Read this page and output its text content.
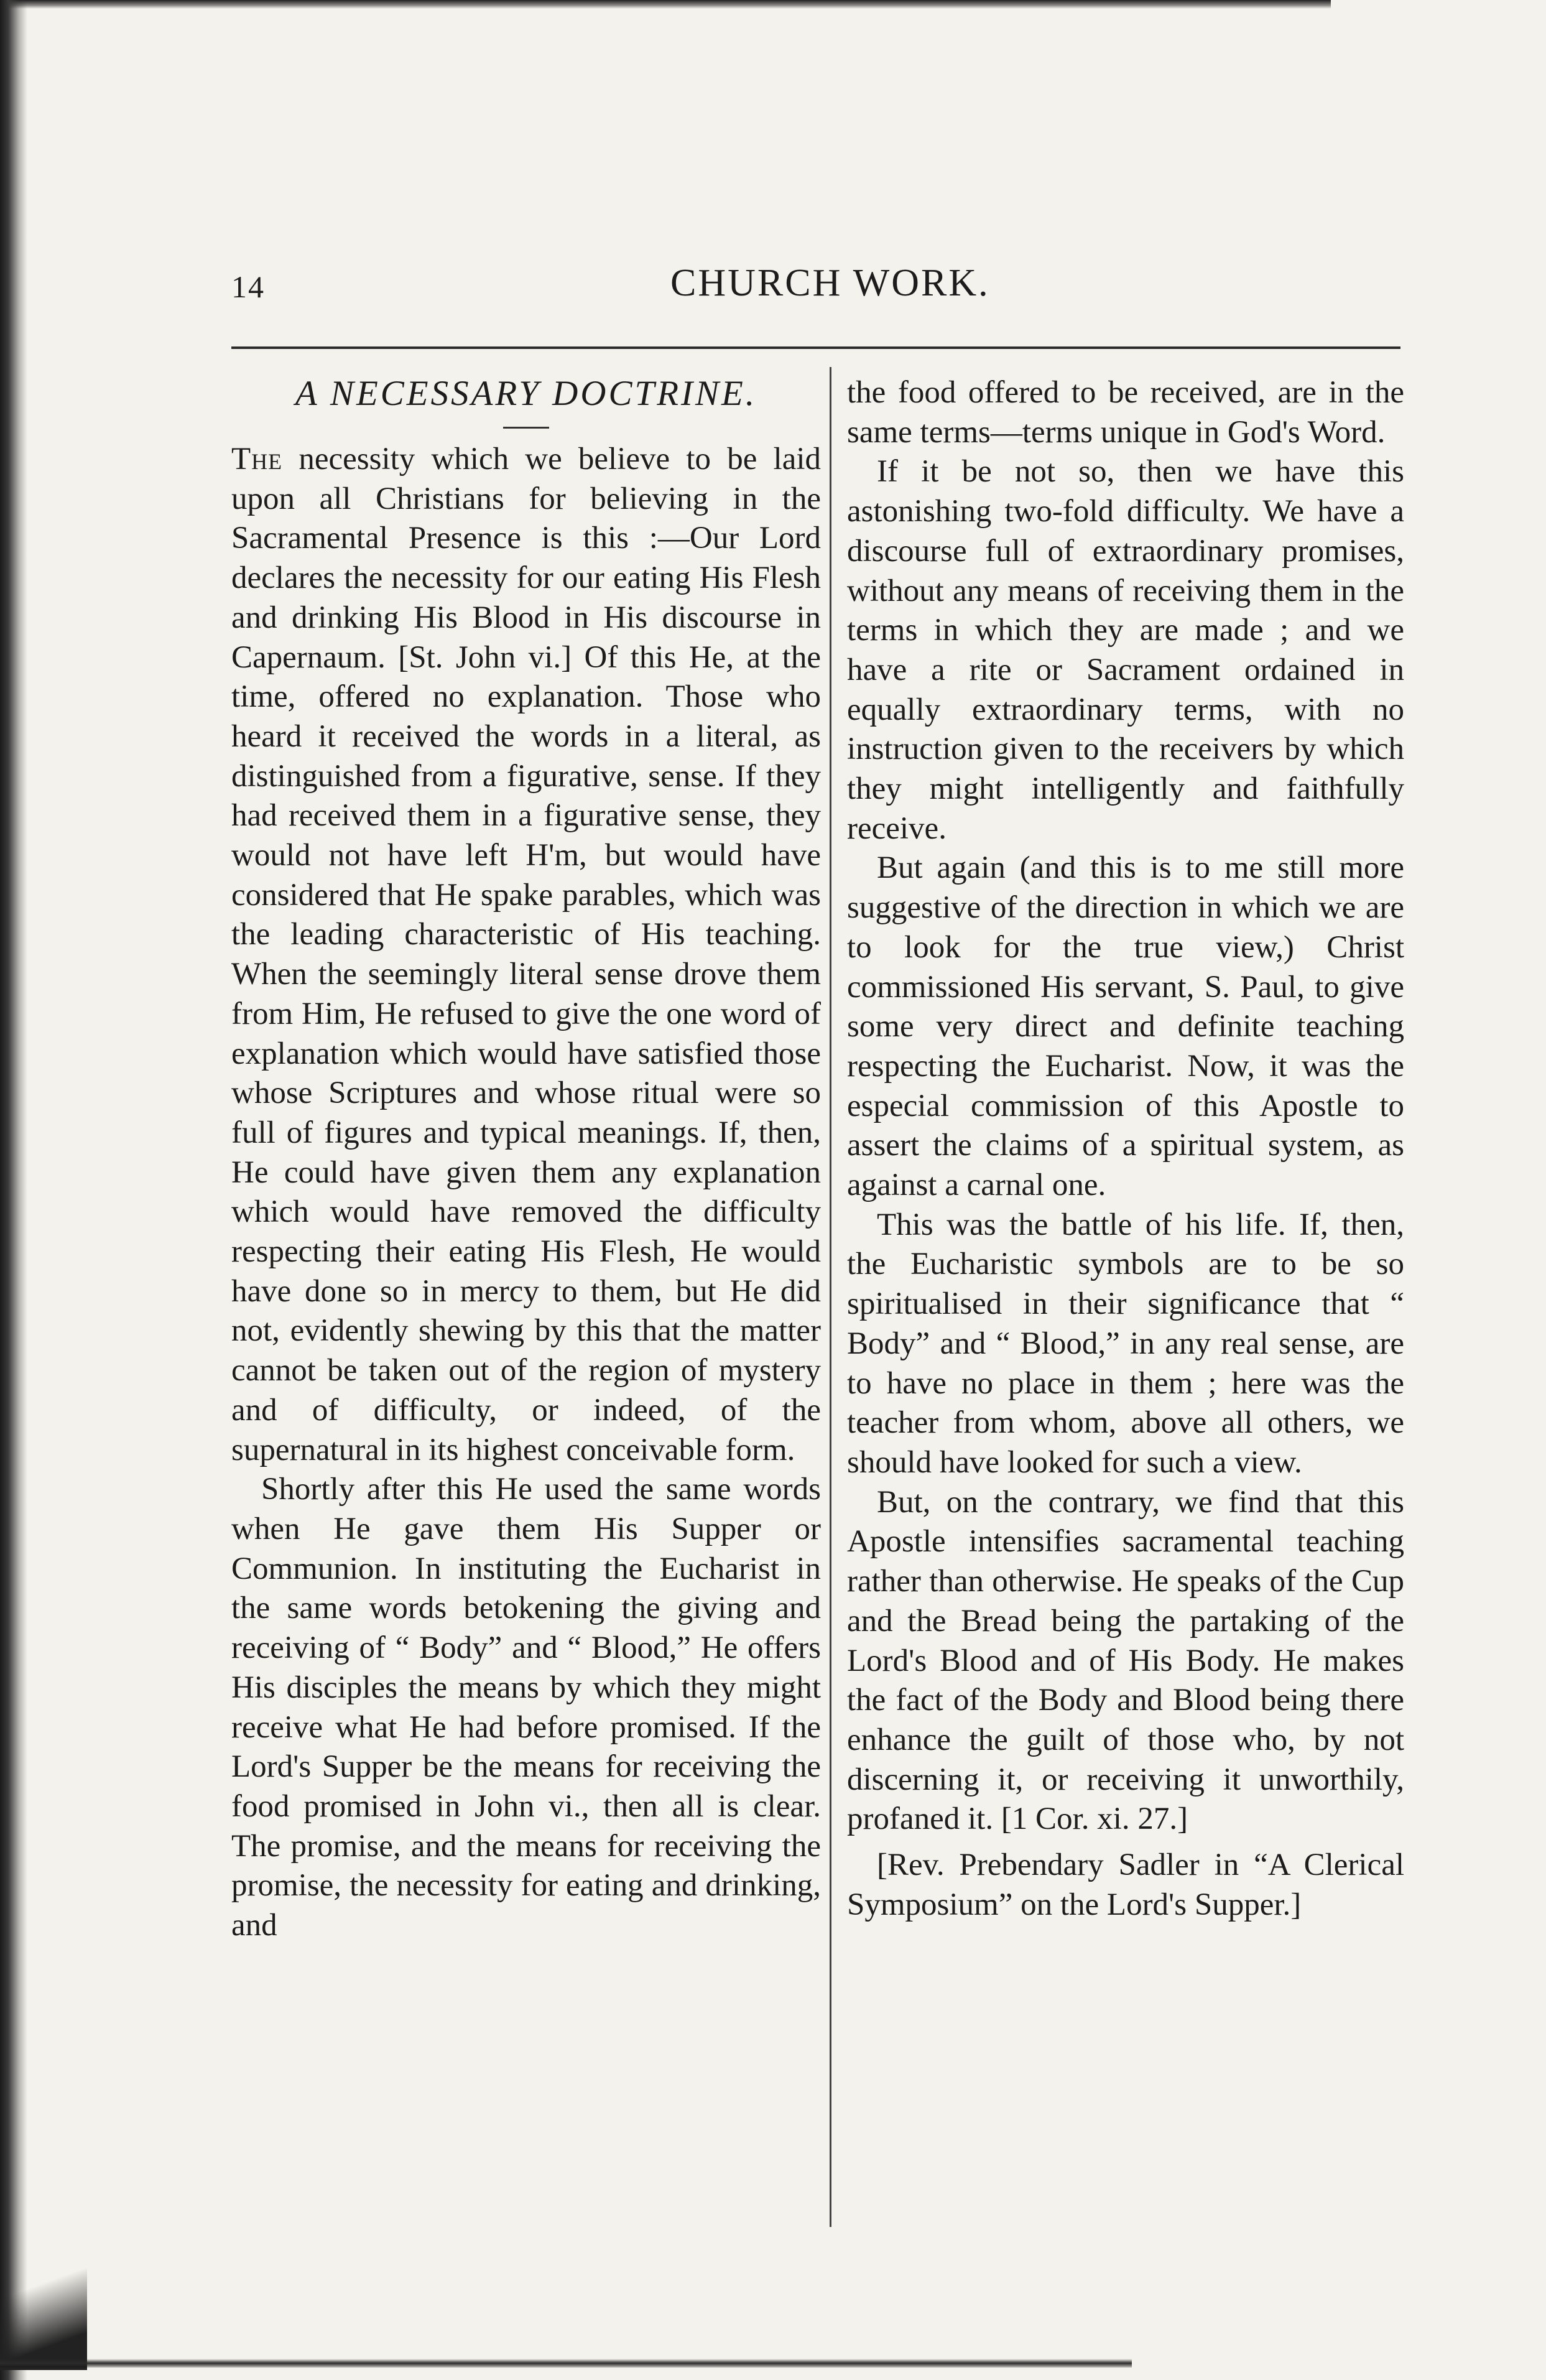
14	CHURCH WORK.
A NECESSARY DOCTRINE.

The necessity which we believe to be laid upon all Christians for believing in the Sacramental Presence is this :—Our Lord declares the necessity for our eating His Flesh and drinking His Blood in His discourse in Capernaum. [St. John vi.] Of this He, at the time, offered no explanation. Those who heard it received the words in a literal, as distinguished from a figurative, sense. If they had received them in a figurative sense, they would not have left H'm, but would have considered that He spake parables, which was the leading characteristic of His teaching. When the seemingly literal sense drove them from Him, He refused to give the one word of explanation which would have satisfied those whose Scriptures and whose ritual were so full of figures and typical meanings. If, then, He could have given them any explanation which would have removed the difficulty respecting their eating His Flesh, He would have done so in mercy to them, but He did not, evidently shewing by this that the matter cannot be taken out of the region of mystery and of difficulty, or indeed, of the supernatural in its highest conceivable form.

Shortly after this He used the same words when He gave them His Supper or Communion. In instituting the Eucharist in the same words betokening the giving and receiving of “ Body” and “ Blood,” He offers His disciples the means by which they might receive what He had before promised. If the Lord's Supper be the means for receiving the food promised in John vi., then all is clear. The promise, and the means for receiving the promise, the necessity for eating and drinking, and

the food offered to be received, are in the same terms—terms unique in God's Word.

If it be not so, then we have this astonishing two-fold difficulty. We have a discourse full of extraordinary promises, without any means of receiving them in the terms in which they are made ; and we have a rite or Sacrament ordained in equally extraordinary terms, with no instruction given to the receivers by which they might intelligently and faithfully receive.

But again (and this is to me still more suggestive of the direction in which we are to look for the true view,) Christ commissioned His servant, S. Paul, to give some very direct and definite teaching respecting the Eucharist. Now, it was the especial commission of this Apostle to assert the claims of a spiritual system, as against a carnal one.

This was the battle of his life. If, then, the Eucharistic symbols are to be so spiritualised in their significance that “ Body” and “ Blood,” in any real sense, are to have no place in them ; here was the teacher from whom, above all others, we should have looked for such a view.

But, on the contrary, we find that this Apostle intensifies sacramental teaching rather than otherwise. He speaks of the Cup and the Bread being the partaking of the Lord's Blood and of His Body. He makes the fact of the Body and Blood being there enhance the guilt of those who, by not discerning it, or receiving it unworthily, profaned it. [1 Cor. xi. 27.]

[Rev. Prebendary Sadler in “A Clerical Symposium” on the Lord's Supper.]
